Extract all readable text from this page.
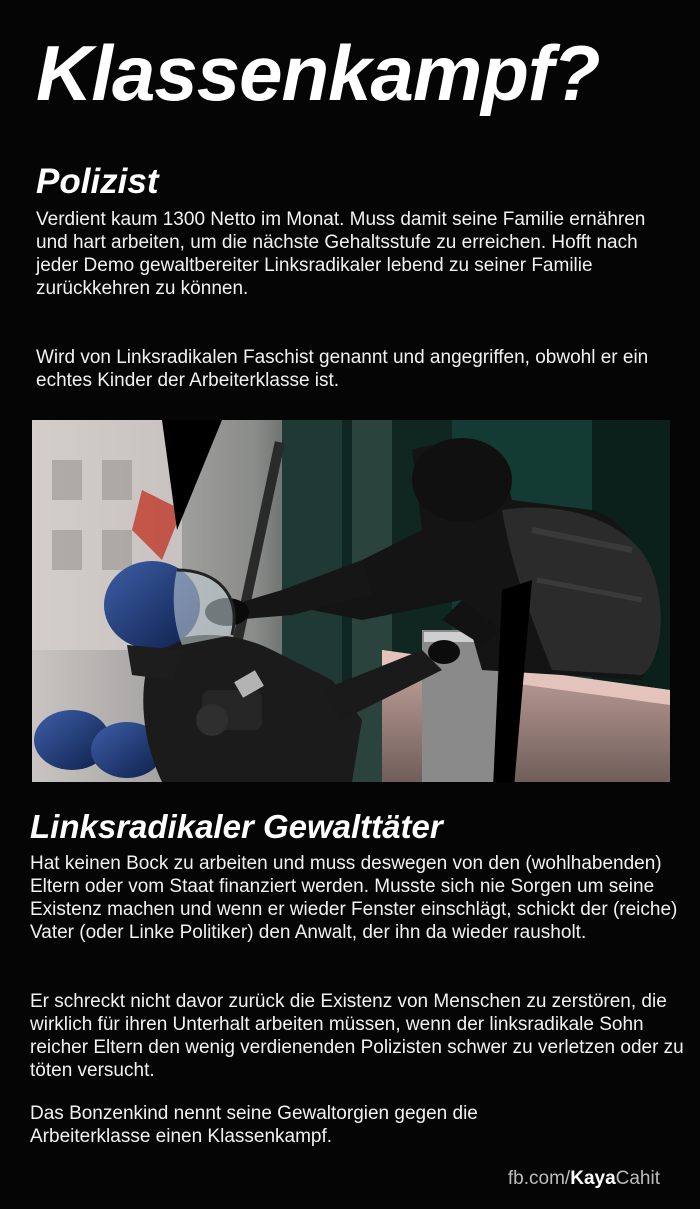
Klassenkampf?
Polizist

Verdient kaum 1300 Netto im Monat. Muss damit seine Familie ernähren und hart arbeiten, um die nächste Gehaltsstufe zu erreichen. Hofft nach jeder Demo gewaltbereiter Linksradikaler lebend zu seiner Familie zurückkehren zu können.

Wird von Linksradikalen Faschist genannt und angegriffen, obwohl er ein echtes Kinder der Arbeiterklasse ist.

Linksradikaler Gewalttäter

Hat keinen Bock zu arbeiten und muss deswegen von den (wohlhabenden) Eltern oder vom Staat finanziert werden. Musste sich nie Sorgen um seine Existenz machen und wenn er wieder Fenster einschlägt, schickt der (reiche) Vater (oder Linke Politiker) den Anwalt, der ihn da wieder rausholt.

Er schreckt nicht davor zurück die Existenz von Menschen zu zerstören, die wirklich für ihren Unterhalt arbeiten müssen, wenn der linksradikale Sohn reicher Eltern den wenig verdienenden Polizisten schwer zu verletzen oder zu töten versucht.

Das Bonzenkind nennt seine Gewaltorgien gegen die Arbeiterklasse einen Klassenkampf.

fb.com/KayaCahit
